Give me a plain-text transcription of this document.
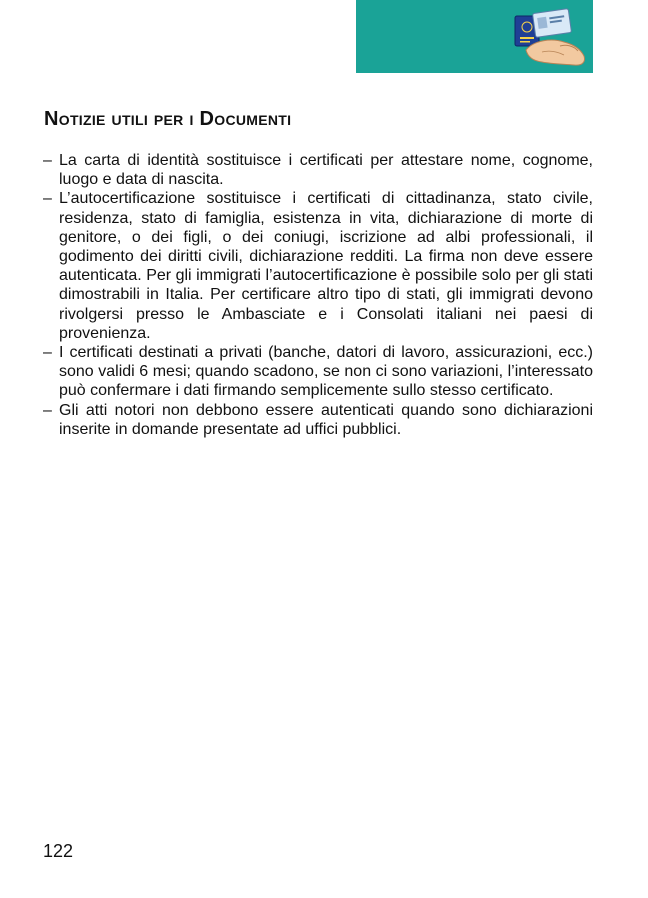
Notizie utili per i Documenti
– La carta di identità sostituisce i certificati per attestare nome, cognome, luogo e data di nascita.
– L’autocertificazione sostituisce i certificati di cittadinanza, stato civile, residenza, stato di famiglia, esistenza in vita, dichiarazione di morte di genitore, o dei figli, o dei coniugi, iscrizione ad albi professionali, il godimento dei diritti civili, dichiarazione redditi. La firma non deve essere autenticata. Per gli immigrati l’autocertificazione è possibile solo per gli stati dimostrabili in Italia. Per certificare altro tipo di stati, gli immigrati devono rivolgersi presso le Ambasciate e i Consolati italiani nei paesi di provenienza.
– I certificati destinati a privati (banche, datori di lavoro, assicurazioni, ecc.) sono validi 6 mesi; quando scadono, se non ci sono variazioni, l’interessato può confermare i dati firmando semplicemente sullo stesso certificato.
– Gli atti notori non debbono essere autenticati quando sono dichiarazioni inserite in domande presentate ad uffici pubblici.
122
